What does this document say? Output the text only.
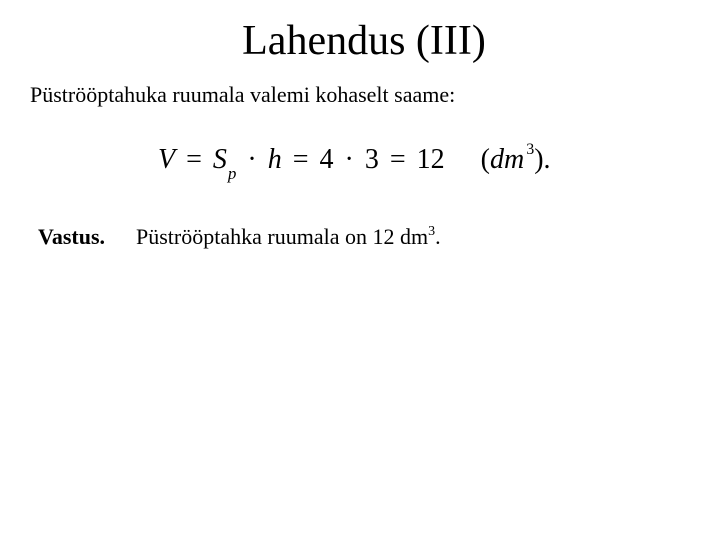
Lahendus (III)
Püströöptahuka ruumala valemi kohaselt saame:
$V = S_p \cdot h = 4 \cdot 3 = 12$ (dm $^3$).
Vastus. Püströöptahka ruumala on 12 $dm^3$.
